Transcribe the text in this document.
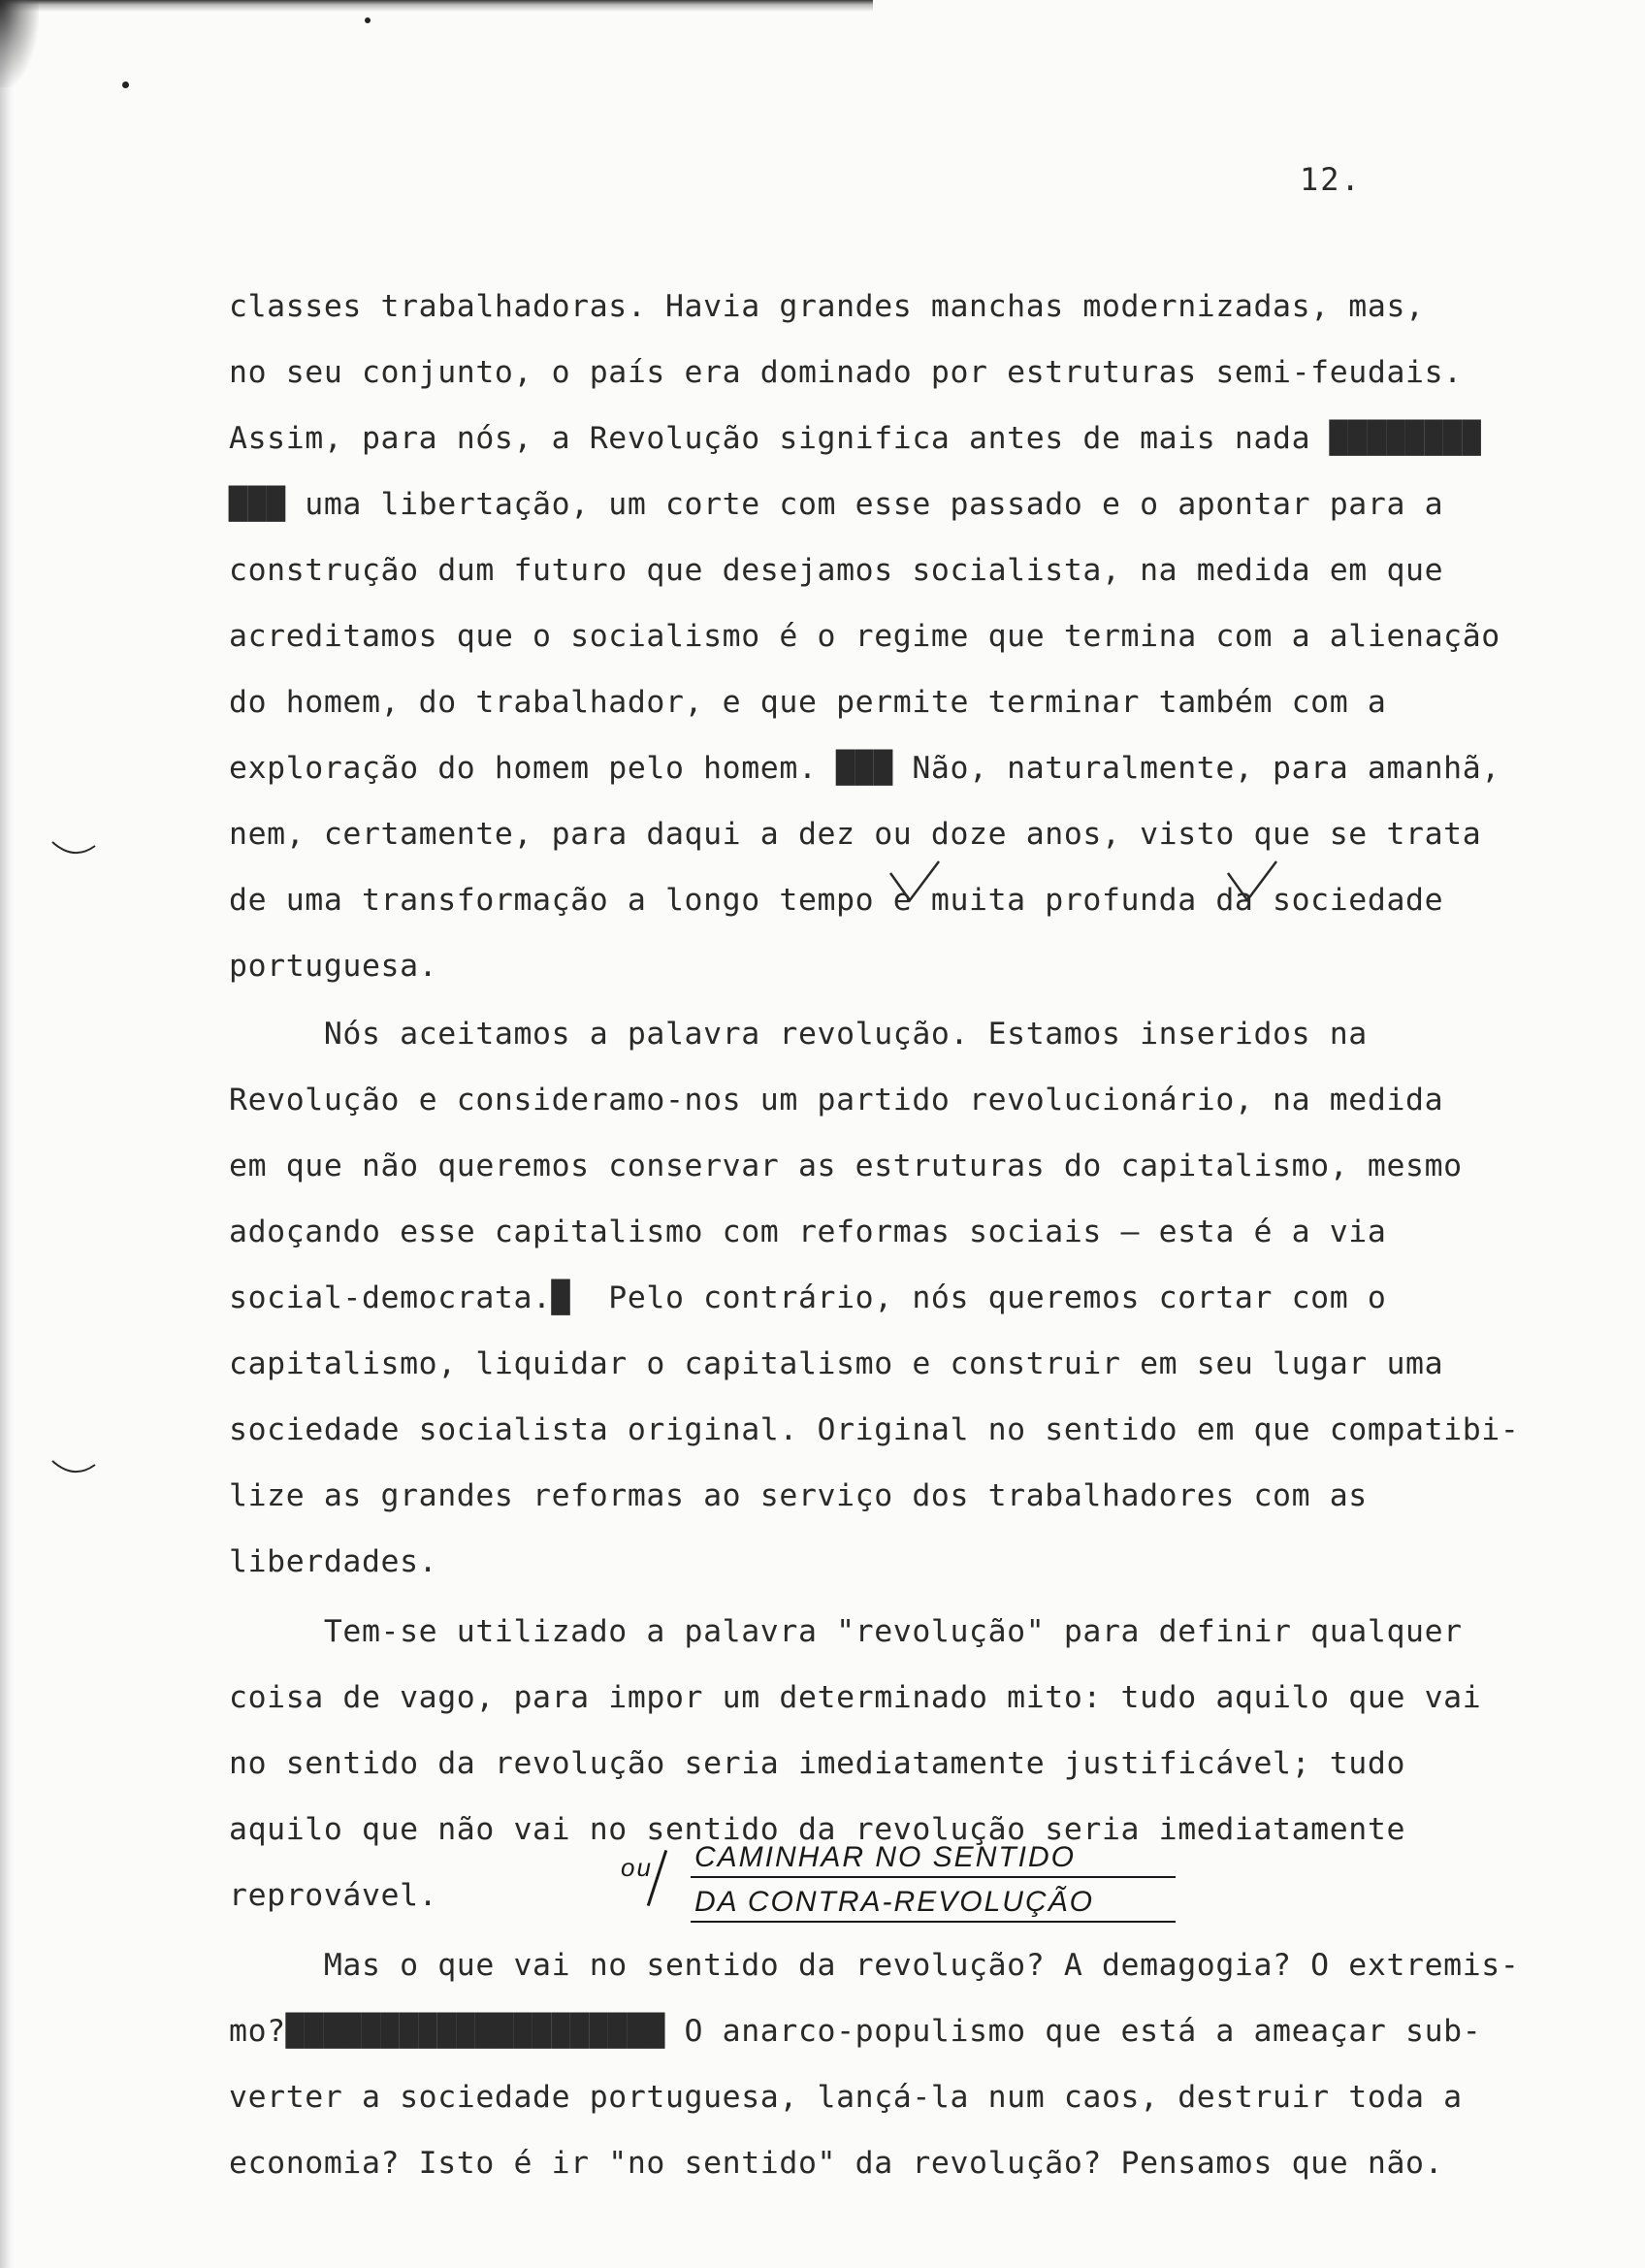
12.
classes trabalhadoras. Havia grandes manchas modernizadas, mas,
no seu conjunto, o país era dominado por estruturas semi-feudais.
Assim, para nós, a Revolução significa antes de mais nada ████████
███ uma libertação, um corte com esse passado e o apontar para a
construção dum futuro que desejamos socialista, na medida em que
acreditamos que o socialismo é o regime que termina com a alienação
do homem, do trabalhador, e que permite terminar também com a
exploração do homem pelo homem. ███ Não, naturalmente, para amanhã,
nem, certamente, para daqui a dez ou doze anos, visto que se trata
de uma transformação a longo tempo e muita profunda da sociedade
portuguesa.
Nós aceitamos a palavra revolução. Estamos inseridos na
Revolução e consideramo-nos um partido revolucionário, na medida
em que não queremos conservar as estruturas do capitalismo, mesmo
adoçando esse capitalismo com reformas sociais — esta é a via
social-democrata.█  Pelo contrário, nós queremos cortar com o
capitalismo, liquidar o capitalismo e construir em seu lugar uma
sociedade socialista original. Original no sentido em que compatibi-
lize as grandes reformas ao serviço dos trabalhadores com as
liberdades.
Tem-se utilizado a palavra "revolução" para definir qualquer
coisa de vago, para impor um determinado mito: tudo aquilo que vai
no sentido da revolução seria imediatamente justificável; tudo
aquilo que não vai no sentido da revolução seria imediatamente
reprovável.
ou CAMINHAR NO SENTIDO
DA CONTRA-REVOLUÇÃO
Mas o que vai no sentido da revolução? A demagogia? O extremis-
mo?████████████████████ O anarco-populismo que está a ameaçar sub-
verter a sociedade portuguesa, lançá-la num caos, destruir toda a
economia? Isto é ir "no sentido" da revolução? Pensamos que não.
